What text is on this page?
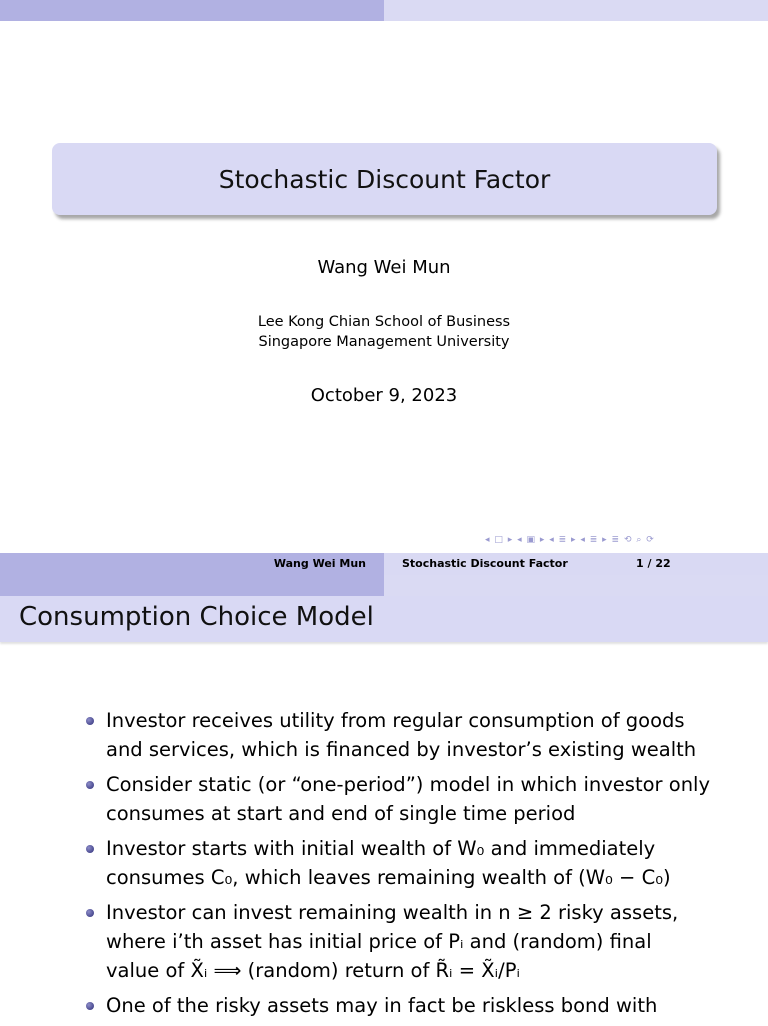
Stochastic Discount Factor
Wang Wei Mun
Lee Kong Chian School of Business
Singapore Management University
October 9, 2023
◂ □ ▸ ◂ ▣ ▸ ◂ ≣ ▸ ◂ ≣ ▸ ≣ ⟲ ⌕ ⟳
Wang Wei Mun	Stochastic Discount Factor	1 / 22
Consumption Choice Model
Investor receives utility from regular consumption of goods
and services, which is financed by investor’s existing wealth
Consider static (or “one-period”) model in which investor only
consumes at start and end of single time period
Investor starts with initial wealth of W₀ and immediately
consumes C₀, which leaves remaining wealth of (W₀ − C₀)
Investor can invest remaining wealth in n ≥ 2 risky assets,
where i’th asset has initial price of Pᵢ and (random) final
value of X̃ᵢ ⟹ (random) return of R̃ᵢ = X̃ᵢ/Pᵢ
One of the risky assets may in fact be riskless bond with
